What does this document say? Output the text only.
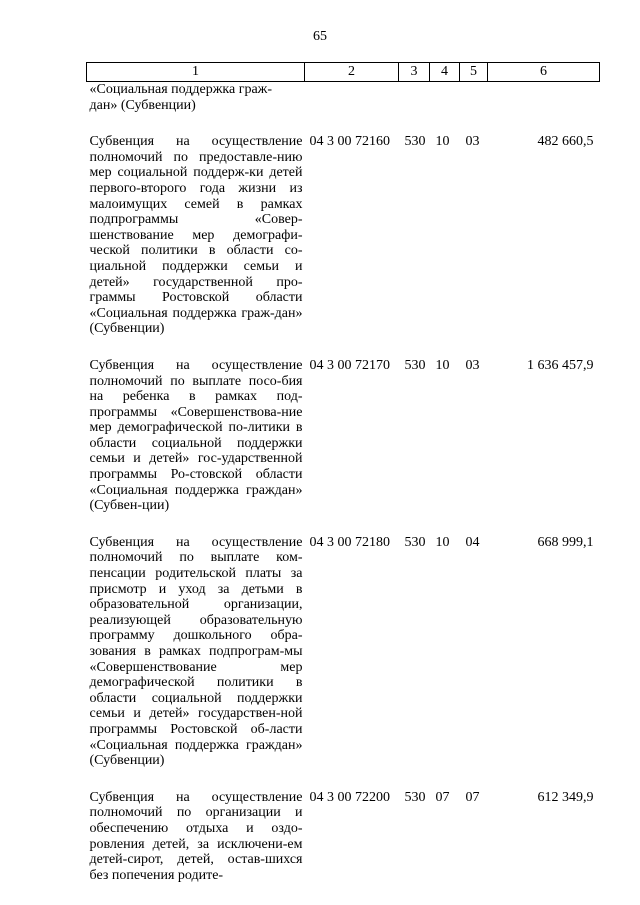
65
1	2	3	4	5	6
«Социальная поддержка граж-
дан» (Субвенции)					

Субвенция на осуществление полномочий по предоставле-нию мер социальной поддерж-ки детей первого-второго года жизни из малоимущих семей в рамках подпрограммы «Совер-шенствование мер демографи-ческой политики в области со-циальной поддержки семьи и детей» государственной про-граммы Ростовской области «Социальная поддержка граж-дан» (Субвенции)	04 3 00 72160	530	10	03	482 660,5

Субвенция на осуществление полномочий по выплате посо-бия на ребенка в рамках под-программы «Совершенствова-ние мер демографической по-литики в области социальной поддержки семьи и детей» гос-ударственной программы Ро-стовской области «Социальная поддержка граждан» (Субвен-ции)	04 3 00 72170	530	10	03	1 636 457,9

Субвенция на осуществление полномочий по выплате ком-пенсации родительской платы за присмотр и уход за детьми в образовательной организации, реализующей образовательную программу дошкольного обра-зования в рамках подпрограм-мы «Совершенствование мер демографической политики в области социальной поддержки семьи и детей» государствен-ной программы Ростовской об-ласти «Социальная поддержка граждан» (Субвенции)	04 3 00 72180	530	10	04	668 999,1

Субвенция на осуществление полномочий по организации и обеспечению отдыха и оздо-ровления детей, за исключени-ем детей-сирот, детей, остав-шихся без попечения родите-	04 3 00 72200	530	07	07	612 349,9
